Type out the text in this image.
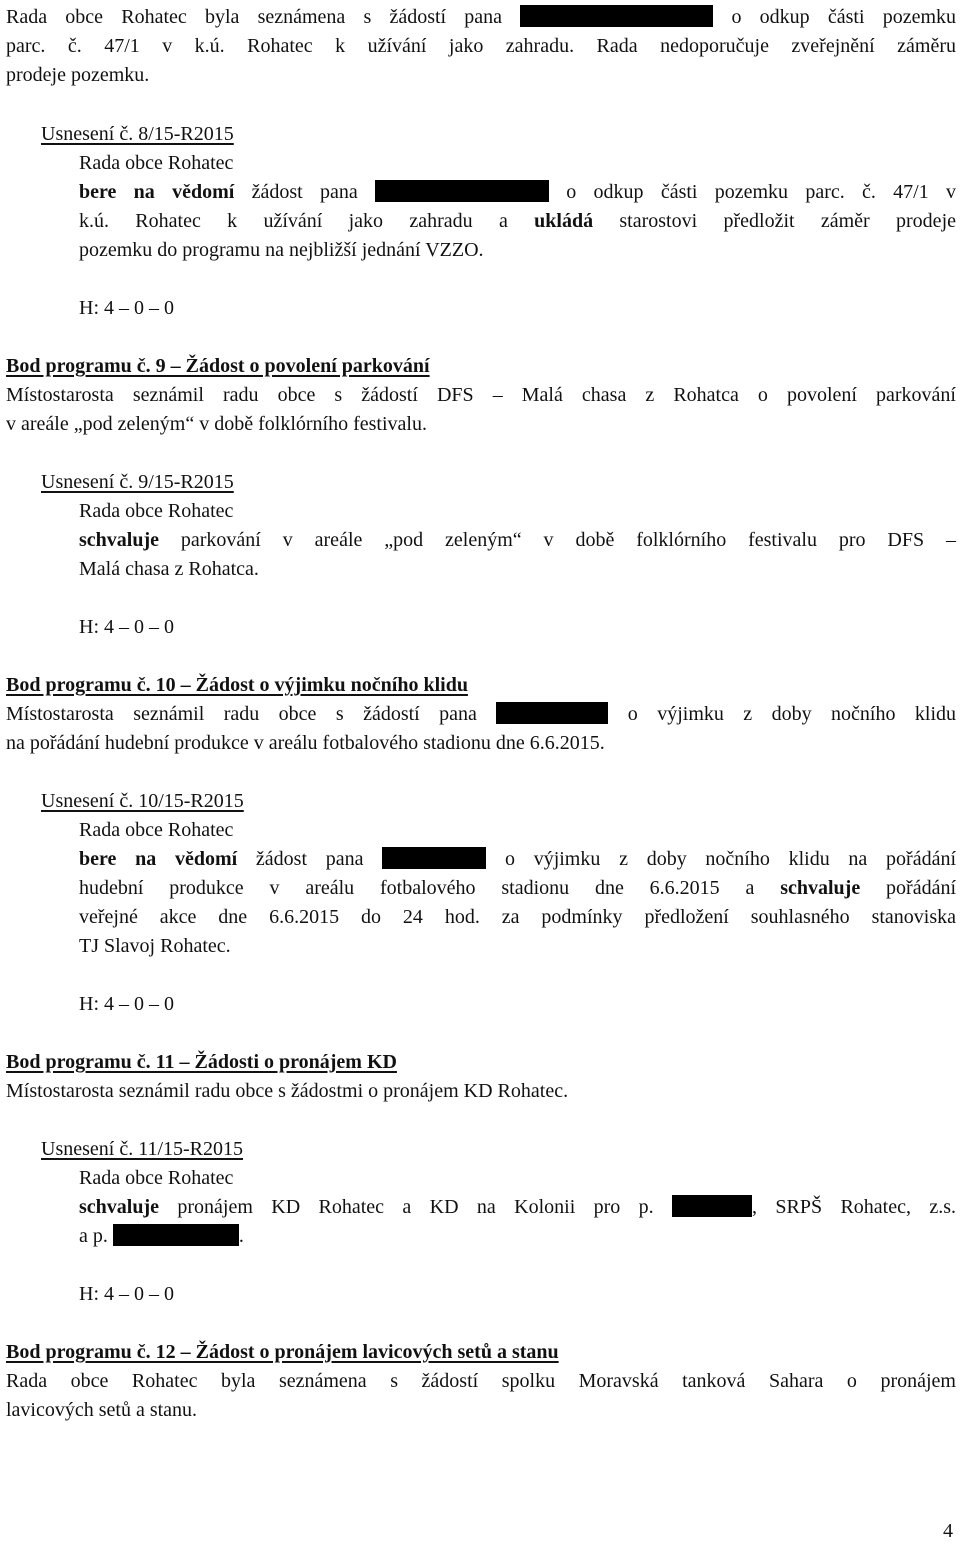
Rada obce Rohatec byla seznámena s žádostí pana	o odkup části pozemku
parc. č. 47/1 v k.ú. Rohatec k užívání jako zahradu. Rada nedoporučuje zveřejnění záměru
prodeje pozemku.
Usnesení č. 8/15-R2015
Rada obce Rohatec
bere na vědomí žádost pana	o odkup části pozemku parc. č. 47/1 v
k.ú. Rohatec k užívání jako zahradu a ukládá starostovi předložit záměr prodeje
pozemku do programu na nejbližší jednání VZZO.
H: 4 – 0 – 0
Bod programu č. 9 – Žádost o povolení parkování
Místostarosta seznámil radu obce s žádostí DFS – Malá chasa z Rohatca o povolení parkování
v areále „pod zeleným“ v době folklórního festivalu.
Usnesení č. 9/15-R2015
Rada obce Rohatec
schvaluje parkování v areále „pod zeleným“ v době folklórního festivalu pro DFS –
Malá chasa z Rohatca.
H: 4 – 0 – 0
Bod programu č. 10 – Žádost o výjimku nočního klidu
Místostarosta seznámil radu obce s žádostí pana	o výjimku z doby nočního klidu
na pořádání hudební produkce v areálu fotbalového stadionu dne 6.6.2015.
Usnesení č. 10/15-R2015
Rada obce Rohatec
bere na vědomí žádost pana	o výjimku z doby nočního klidu na pořádání
hudební produkce v areálu fotbalového stadionu dne 6.6.2015 a schvaluje pořádání
veřejné akce dne 6.6.2015 do 24 hod. za podmínky předložení souhlasného stanoviska
TJ Slavoj Rohatec.
H: 4 – 0 – 0
Bod programu č. 11 – Žádosti o pronájem KD
Místostarosta seznámil radu obce s žádostmi o pronájem KD Rohatec.
Usnesení č. 11/15-R2015
Rada obce Rohatec
schvaluje pronájem KD Rohatec a KD na Kolonii pro p.	, SRPŠ Rohatec, z.s.
a p.	.
H: 4 – 0 – 0
Bod programu č. 12 – Žádost o pronájem lavicových setů a stanu
Rada obce Rohatec byla seznámena s žádostí spolku Moravská tanková Sahara o pronájem
lavicových setů a stanu.
4
